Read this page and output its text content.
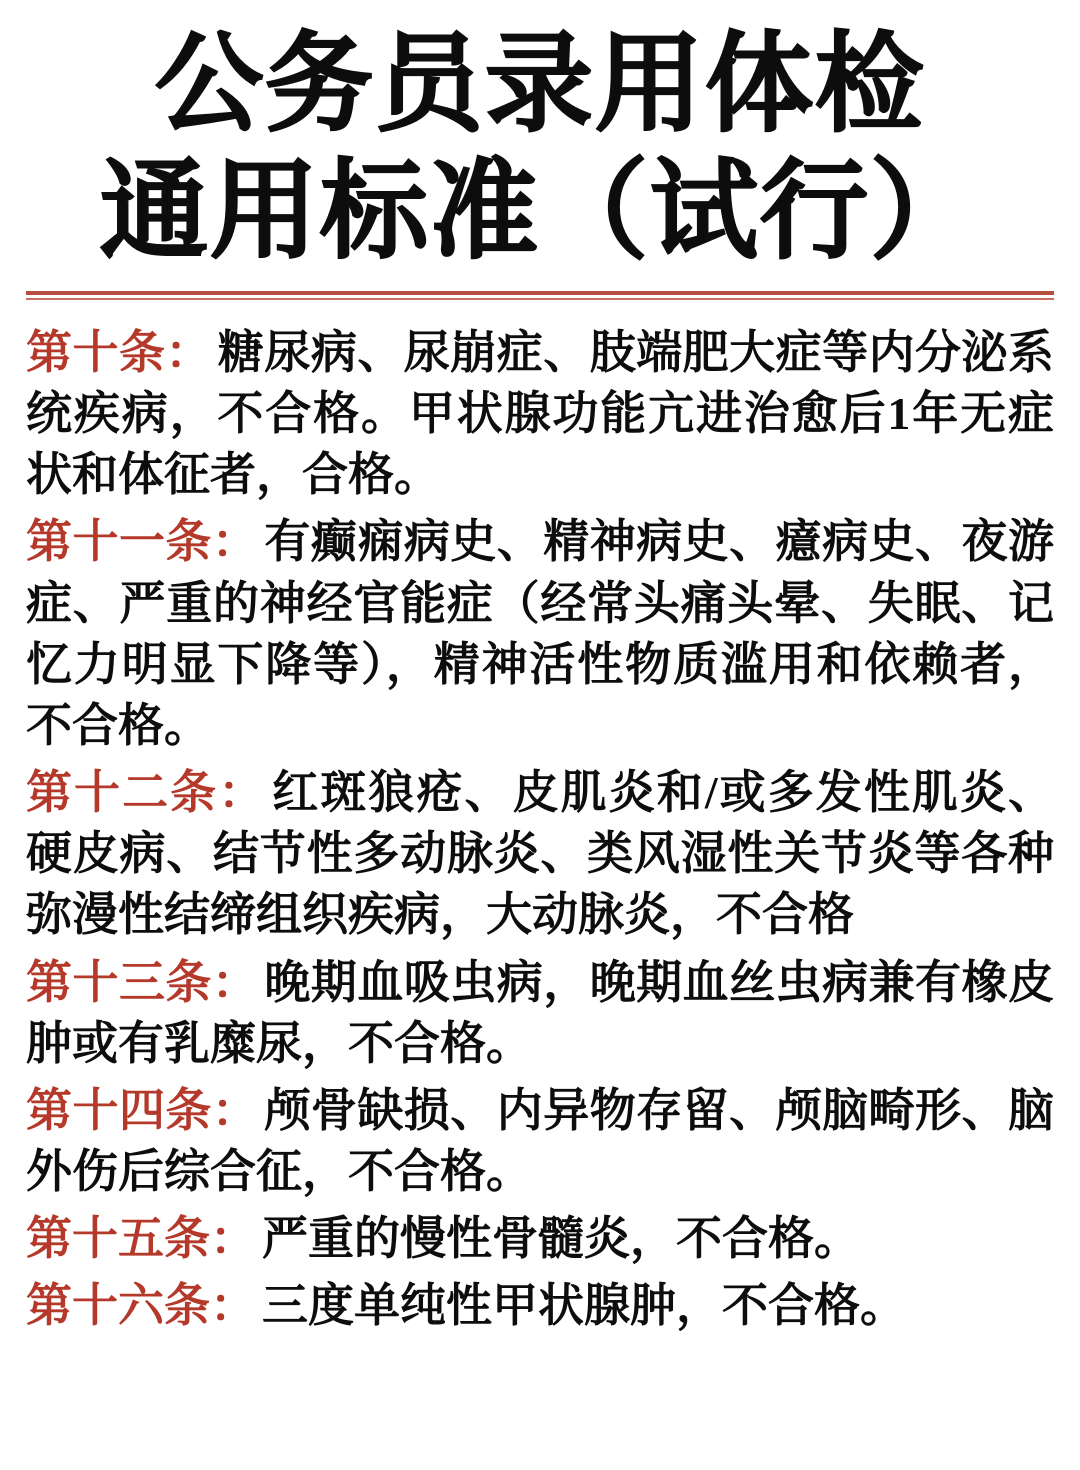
公务员录用体检
通用标准（试行）

第十条： 糖尿病、尿崩症、肢端肥大症等内分泌系统疾病，不合格。甲状腺功能亢进治愈后1年无症状和体征者，合格。

第十一条： 有癫痫病史、精神病史、癔病史、夜游症、严重的神经官能症（经常头痛头晕、失眠、记忆力明显下降等），精神活性物质滥用和依赖者，不合格。

第十二条： 红斑狼疮、皮肌炎和/或多发性肌炎、硬皮病、结节性多动脉炎、类风湿性关节炎等各种弥漫性结缔组织疾病，大动脉炎，不合格

第十三条： 晚期血吸虫病，晚期血丝虫病兼有橡皮肿或有乳糜尿，不合格。

第十四条： 颅骨缺损、内异物存留、颅脑畸形、脑外伤后综合征，不合格。

第十五条： 严重的慢性骨髓炎，不合格。

第十六条： 三度单纯性甲状腺肿，不合格。
